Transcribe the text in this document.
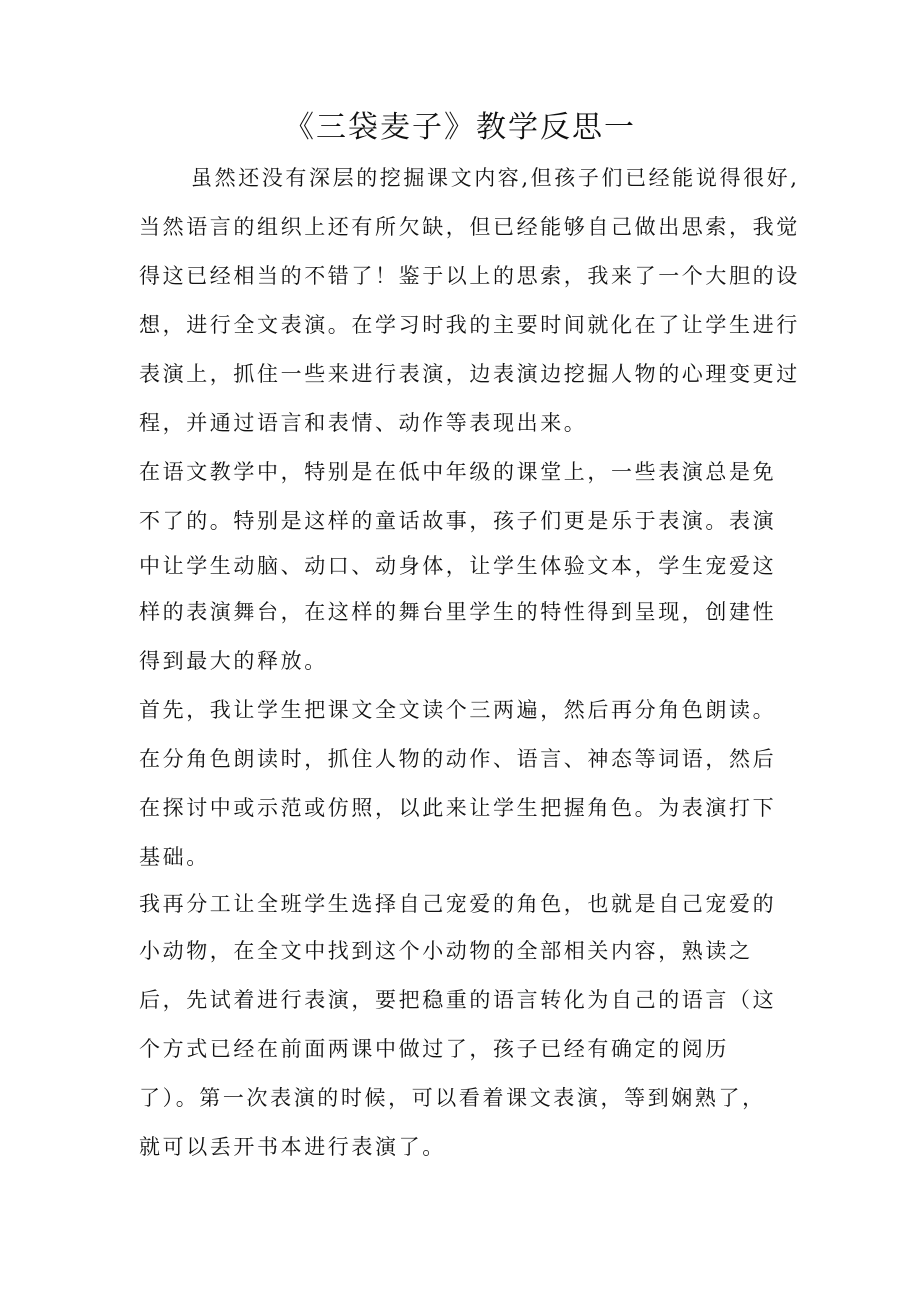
《三袋麦子》教学反思一
虽然还没有深层的挖掘课文内容,但孩子们已经能说得很好,
当然语言的组织上还有所欠缺，但已经能够自己做出思索，我觉
得这已经相当的不错了！鉴于以上的思索，我来了一个大胆的设
想，进行全文表演。在学习时我的主要时间就化在了让学生进行
表演上，抓住一些来进行表演，边表演边挖掘人物的心理变更过
程，并通过语言和表情、动作等表现出来。
在语文教学中，特别是在低中年级的课堂上，一些表演总是免
不了的。特别是这样的童话故事，孩子们更是乐于表演。表演
中让学生动脑、动口、动身体，让学生体验文本，学生宠爱这
样的表演舞台，在这样的舞台里学生的特性得到呈现，创建性
得到最大的释放。
首先，我让学生把课文全文读个三两遍，然后再分角色朗读。
在分角色朗读时，抓住人物的动作、语言、神态等词语，然后
在探讨中或示范或仿照，以此来让学生把握角色。为表演打下
基础。
我再分工让全班学生选择自己宠爱的角色，也就是自己宠爱的
小动物，在全文中找到这个小动物的全部相关内容，熟读之
后，先试着进行表演，要把稳重的语言转化为自己的语言（这
个方式已经在前面两课中做过了，孩子已经有确定的阅历
了）。第一次表演的时候，可以看着课文表演，等到娴熟了，
就可以丢开书本进行表演了。
